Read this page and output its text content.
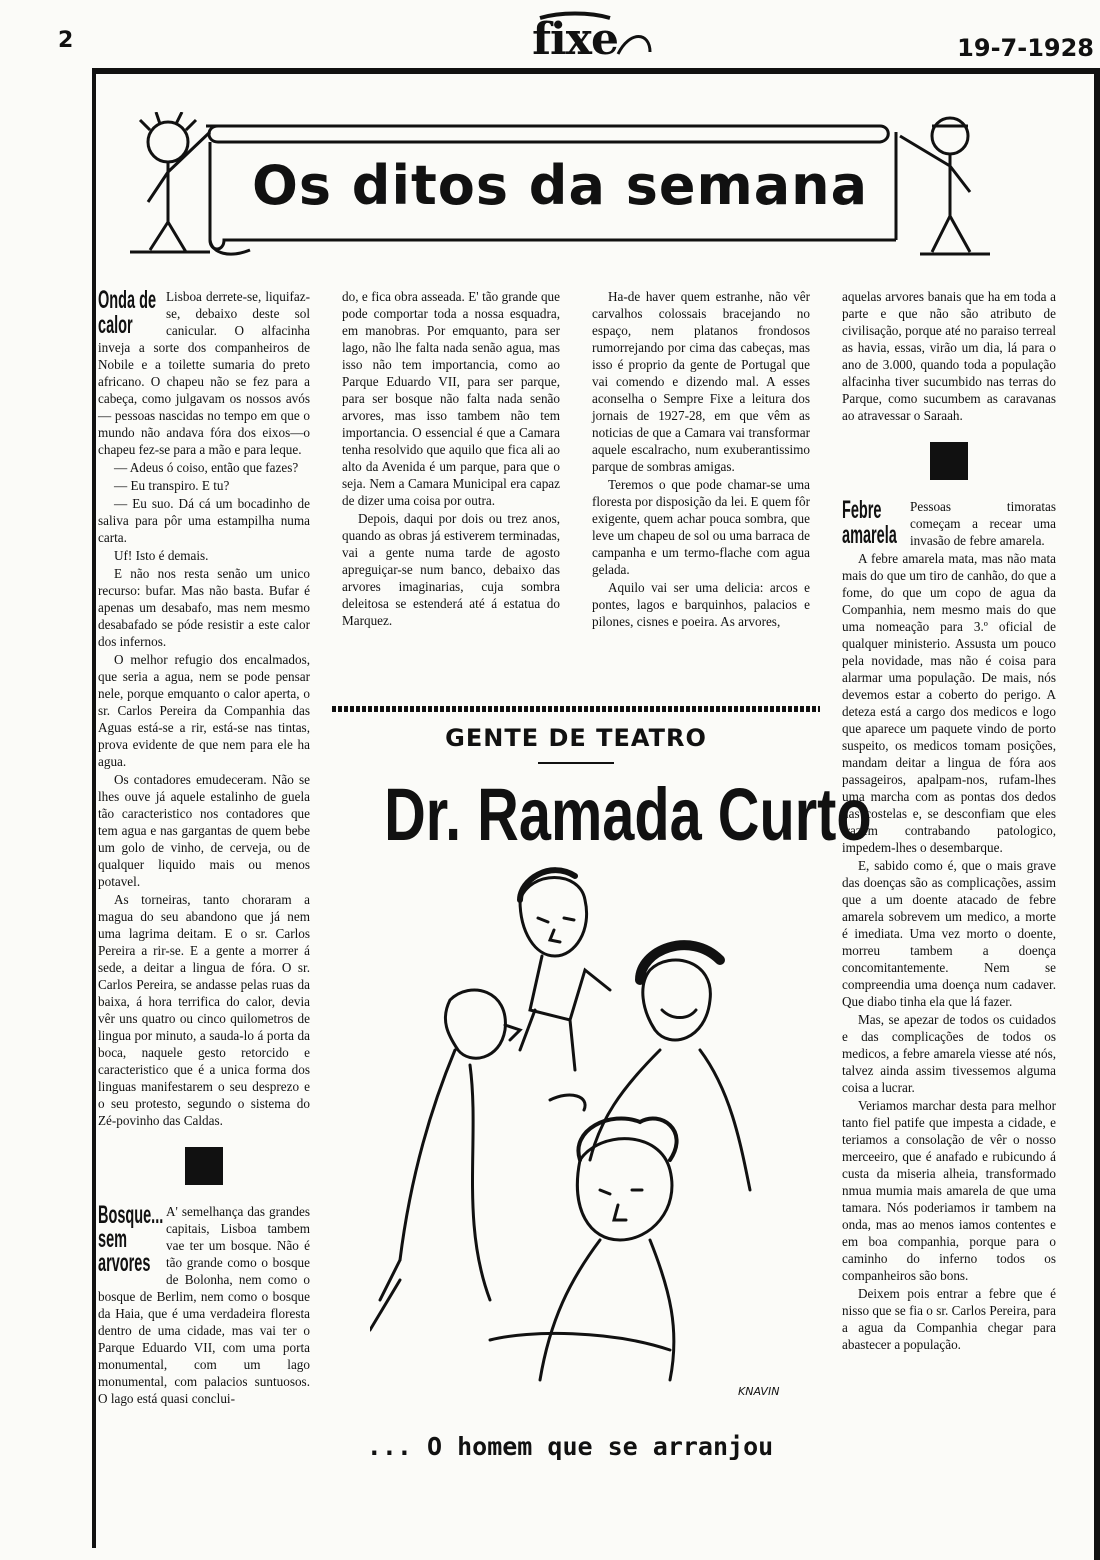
2	fixe	19-7-1928
Os ditos da semana
Onda de calor

Lisboa derrete-se, liquifaz-se, debaixo deste sol canicular. O alfacinha inveja a sorte dos companheiros de Nobile e a toilette sumaria do preto africano. O chapeu não se fez para a cabeça, como julgavam os nossos avós — pessoas nascidas no tempo em que o mundo não andava fóra dos eixos—o chapeu fez-se para a mão e para leque.

— Adeus ó coiso, então que fazes?

— Eu transpiro. E tu?

— Eu suo. Dá cá um bocadinho de saliva para pôr uma estampilha numa carta.

Uf! Isto é demais.

E não nos resta senão um unico recurso: bufar. Mas não basta. Bufar é apenas um desabafo, mas nem mesmo desabafado se póde resistir a este calor dos infernos.

O melhor refugio dos encalmados, que seria a agua, nem se pode pensar nele, porque emquanto o calor aperta, o sr. Carlos Pereira da Companhia das Aguas está-se a rir, está-se nas tintas, prova evidente de que nem para ele ha agua.

Os contadores emudeceram. Não se lhes ouve já aquele estalinho de guela tão caracteristico nos contadores que tem agua e nas gargantas de quem bebe um golo de vinho, de cerveja, ou de qualquer liquido mais ou menos potavel.

As torneiras, tanto choraram a magua do seu abandono que já nem uma lagrima deitam. E o sr. Carlos Pereira a rir-se. E a gente a morrer á sede, a deitar a lingua de fóra. O sr. Carlos Pereira, se andasse pelas ruas da baixa, á hora terrifica do calor, devia vêr uns quatro ou cinco quilometros de lingua por minuto, a sauda-lo á porta da boca, naquele gesto retorcido e caracteristico que é a unica forma dos linguas manifestarem o seu desprezo e o seu protesto, segundo o sistema do Zé-povinho das Caldas.

Bosque... sem arvores

A' semelhança das grandes capitais, Lisboa tambem vae ter um bosque. Não é tão grande como o bosque de Bolonha, nem como o bosque de Berlim, nem como o bosque da Haia, que é uma verdadeira floresta dentro de uma cidade, mas vai ter o Parque Eduardo VII, com uma porta monumental, com um lago monumental, com palacios suntuosos. O lago está quasi conclui-

do, e fica obra asseada. E' tão grande que pode comportar toda a nossa esquadra, em manobras. Por emquanto, para ser lago, não lhe falta nada senão agua, mas isso não tem importancia, como ao Parque Eduardo VII, para ser parque, para ser bosque não falta nada senão arvores, mas isso tambem não tem importancia. O essencial é que a Camara tenha resolvido que aquilo que fica ali ao alto da Avenida é um parque, para que o seja. Nem a Camara Municipal era capaz de dizer uma coisa por outra.

Depois, daqui por dois ou trez anos, quando as obras já estiverem terminadas, vai a gente numa tarde de agosto apreguiçar-se num banco, debaixo das arvores imaginarias, cuja sombra deleitosa se estenderá até á estatua do Marquez.

Ha-de haver quem estranhe, não vêr carvalhos colossais bracejando no espaço, nem platanos frondosos rumorrejando por cima das cabeças, mas isso é proprio da gente de Portugal que vai comendo e dizendo mal. A esses aconselha o Sempre Fixe a leitura dos jornais de 1927-28, em que vêm as noticias de que a Camara vai transformar aquele escalracho, num exuberantissimo parque de sombras amigas.

Teremos o que pode chamar-se uma floresta por disposição da lei. E quem fôr exigente, quem achar pouca sombra, que leve um chapeu de sol ou uma barraca de campanha e um termo-flache com agua gelada.

Aquilo vai ser uma delicia: arcos e pontes, lagos e barquinhos, palacios e pilones, cisnes e poeira. As arvores,

aquelas arvores banais que ha em toda a parte e que não são atributo de civilisação, porque até no paraiso terreal as havia, essas, virão um dia, lá para o ano de 3.000, quando toda a população alfacinha tiver sucumbido nas terras do Parque, como sucumbem as caravanas ao atravessar o Saraah.

Febre amarela

Pessoas timoratas começam a recear uma invasão de febre amarela.

A febre amarela mata, mas não mata mais do que um tiro de canhão, do que a fome, do que um copo de agua da Companhia, nem mesmo mais do que uma nomeação para 3.º oficial de qualquer ministerio. Assusta um pouco pela novidade, mas não é coisa para alarmar uma população. De mais, nós devemos estar a coberto do perigo. A deteza está a cargo dos medicos e logo que aparece um paquete vindo de porto suspeito, os medicos tomam posições, mandam deitar a lingua de fóra aos passageiros, apalpam-nos, rufam-lhes uma marcha com as pontas dos dedos nas costelas e, se desconfiam que eles trazem contrabando patologico, impedem-lhes o desembarque.

E, sabido como é, que o mais grave das doenças são as complicações, assim que a um doente atacado de febre amarela sobrevem um medico, a morte é imediata. Uma vez morto o doente, morreu tambem a doença concomitantemente. Nem se compreendia uma doença num cadaver. Que diabo tinha ela que lá fazer.

Mas, se apezar de todos os cuidados e das complicações de todos os medicos, a febre amarela viesse até nós, talvez ainda assim tivessemos alguma coisa a lucrar.

Veriamos marchar desta para melhor tanto fiel patife que impesta a cidade, e teriamos a consolação de vêr o nosso merceeiro, que é anafado e rubicundo á custa da miseria alheia, transformado nmua mumia mais amarela de que uma tamara. Nós poderiamos ir tambem na onda, mas ao menos iamos contentes e em boa companhia, porque para o caminho do inferno todos os companheiros são bons.

Deixem pois entrar a febre que é nisso que se fia o sr. Carlos Pereira, para a agua da Companhia chegar para abastecer a população.

GENTE DE TEATRO
Dr. Ramada Curto
KNAVIN
... O homem que se arranjou
